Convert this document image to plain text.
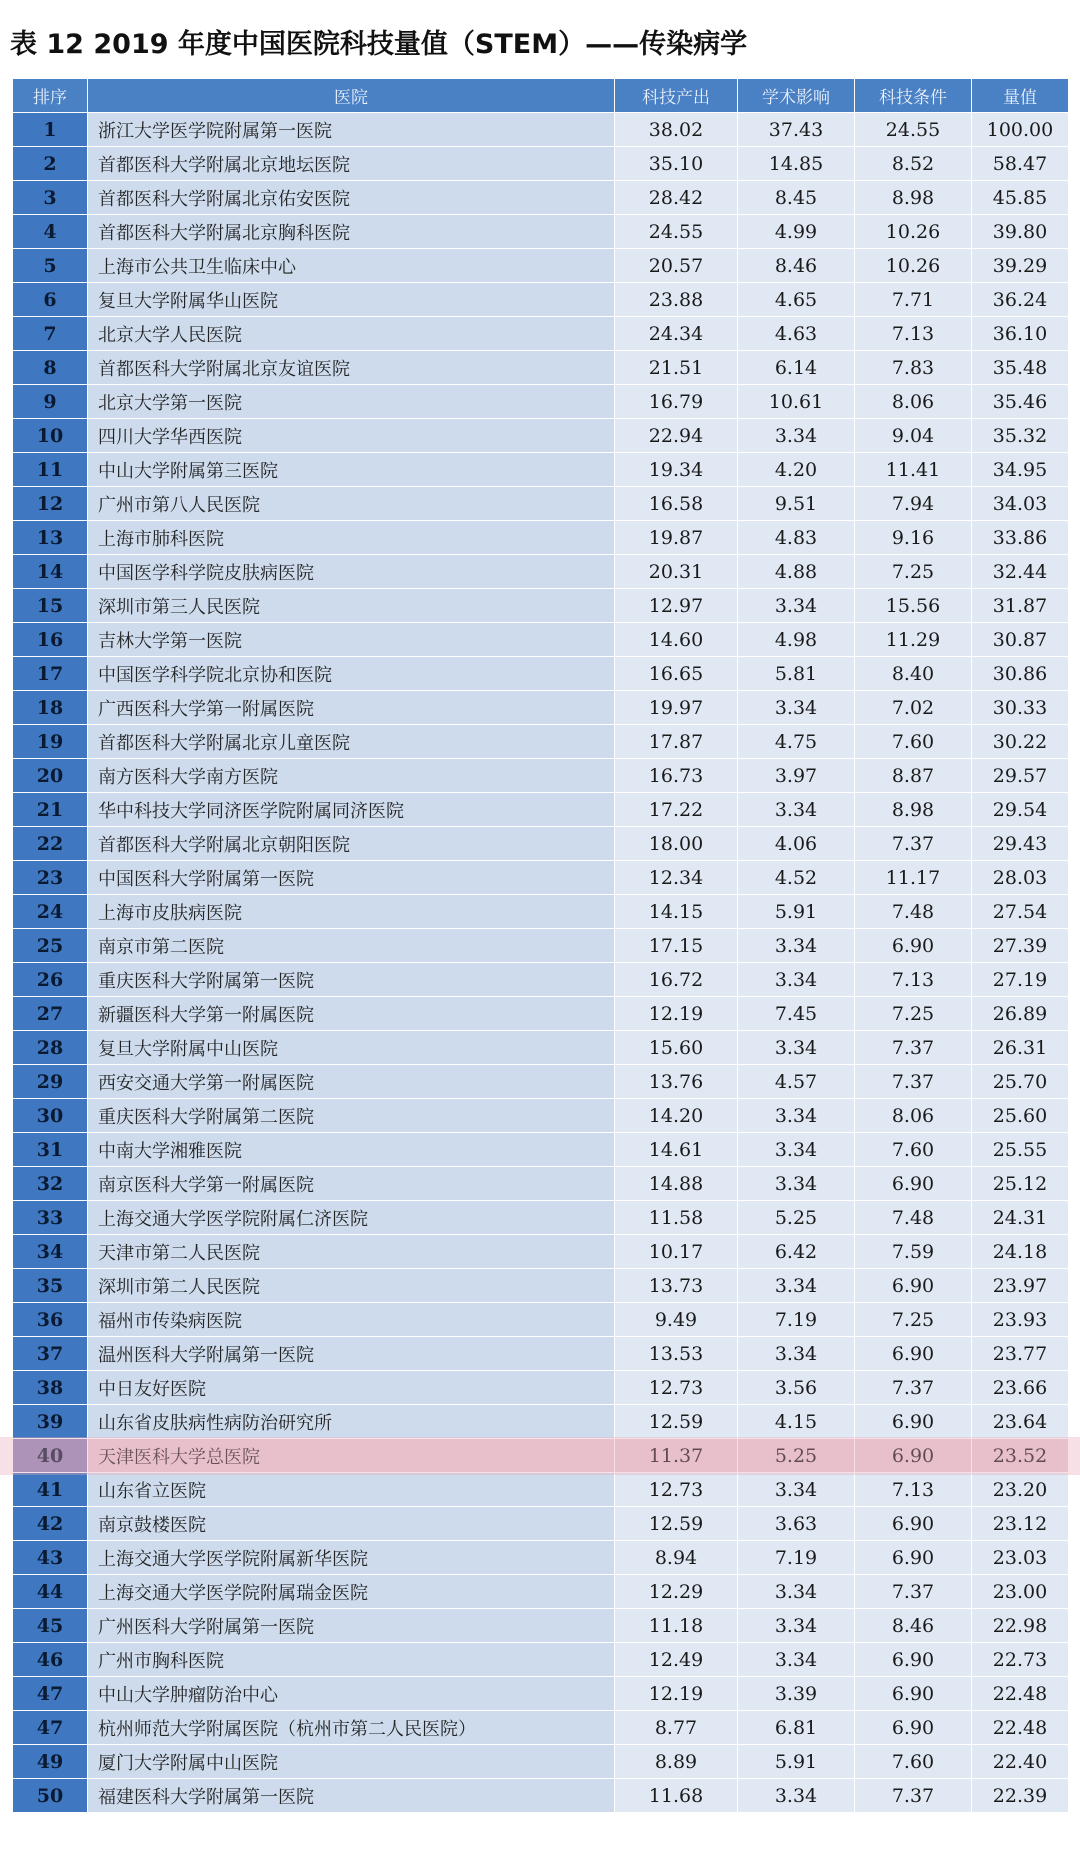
表 12 2019 年度中国医院科技量值（STEM）——传染病学
排序	医院	科技产出	学术影响	科技条件	量值
1	浙江大学医学院附属第一医院	38.02	37.43	24.55	100.00
2	首都医科大学附属北京地坛医院	35.10	14.85	8.52	58.47
3	首都医科大学附属北京佑安医院	28.42	8.45	8.98	45.85
4	首都医科大学附属北京胸科医院	24.55	4.99	10.26	39.80
5	上海市公共卫生临床中心	20.57	8.46	10.26	39.29
6	复旦大学附属华山医院	23.88	4.65	7.71	36.24
7	北京大学人民医院	24.34	4.63	7.13	36.10
8	首都医科大学附属北京友谊医院	21.51	6.14	7.83	35.48
9	北京大学第一医院	16.79	10.61	8.06	35.46
10	四川大学华西医院	22.94	3.34	9.04	35.32
11	中山大学附属第三医院	19.34	4.20	11.41	34.95
12	广州市第八人民医院	16.58	9.51	7.94	34.03
13	上海市肺科医院	19.87	4.83	9.16	33.86
14	中国医学科学院皮肤病医院	20.31	4.88	7.25	32.44
15	深圳市第三人民医院	12.97	3.34	15.56	31.87
16	吉林大学第一医院	14.60	4.98	11.29	30.87
17	中国医学科学院北京协和医院	16.65	5.81	8.40	30.86
18	广西医科大学第一附属医院	19.97	3.34	7.02	30.33
19	首都医科大学附属北京儿童医院	17.87	4.75	7.60	30.22
20	南方医科大学南方医院	16.73	3.97	8.87	29.57
21	华中科技大学同济医学院附属同济医院	17.22	3.34	8.98	29.54
22	首都医科大学附属北京朝阳医院	18.00	4.06	7.37	29.43
23	中国医科大学附属第一医院	12.34	4.52	11.17	28.03
24	上海市皮肤病医院	14.15	5.91	7.48	27.54
25	南京市第二医院	17.15	3.34	6.90	27.39
26	重庆医科大学附属第一医院	16.72	3.34	7.13	27.19
27	新疆医科大学第一附属医院	12.19	7.45	7.25	26.89
28	复旦大学附属中山医院	15.60	3.34	7.37	26.31
29	西安交通大学第一附属医院	13.76	4.57	7.37	25.70
30	重庆医科大学附属第二医院	14.20	3.34	8.06	25.60
31	中南大学湘雅医院	14.61	3.34	7.60	25.55
32	南京医科大学第一附属医院	14.88	3.34	6.90	25.12
33	上海交通大学医学院附属仁济医院	11.58	5.25	7.48	24.31
34	天津市第二人民医院	10.17	6.42	7.59	24.18
35	深圳市第二人民医院	13.73	3.34	6.90	23.97
36	福州市传染病医院	9.49	7.19	7.25	23.93
37	温州医科大学附属第一医院	13.53	3.34	6.90	23.77
38	中日友好医院	12.73	3.56	7.37	23.66
39	山东省皮肤病性病防治研究所	12.59	4.15	6.90	23.64
40	天津医科大学总医院	11.37	5.25	6.90	23.52
41	山东省立医院	12.73	3.34	7.13	23.20
42	南京鼓楼医院	12.59	3.63	6.90	23.12
43	上海交通大学医学院附属新华医院	8.94	7.19	6.90	23.03
44	上海交通大学医学院附属瑞金医院	12.29	3.34	7.37	23.00
45	广州医科大学附属第一医院	11.18	3.34	8.46	22.98
46	广州市胸科医院	12.49	3.34	6.90	22.73
47	中山大学肿瘤防治中心	12.19	3.39	6.90	22.48
47	杭州师范大学附属医院（杭州市第二人民医院）	8.77	6.81	6.90	22.48
49	厦门大学附属中山医院	8.89	5.91	7.60	22.40
50	福建医科大学附属第一医院	11.68	3.34	7.37	22.39
